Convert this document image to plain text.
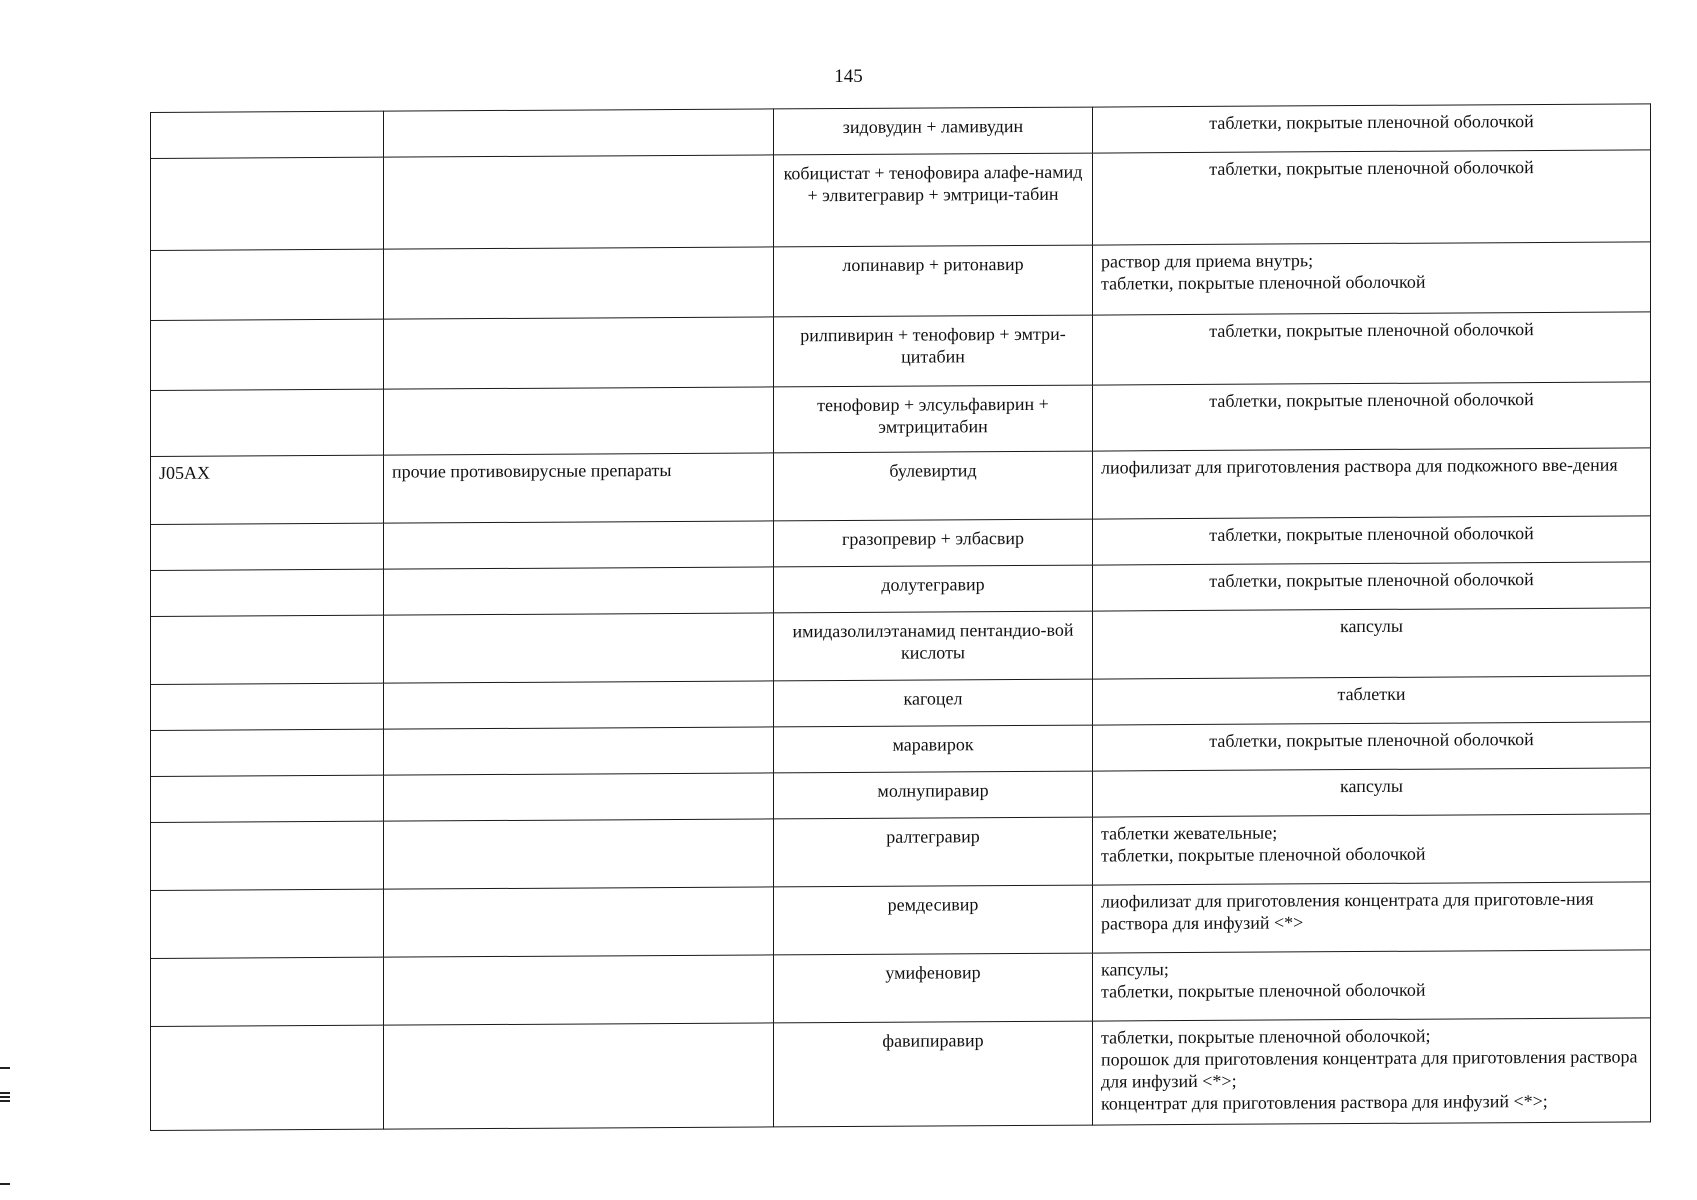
145
		зидовудин + ламивудин	таблетки, покрытые пленочной оболочкой

		кобицистат + тенофовира алафе-намид + элвитегравир + эмтрици-табин	таблетки, покрытые пленочной оболочкой

		лопинавир + ритонавир	раствор для приема внутрь;
таблетки, покрытые пленочной оболочкой

		рилпивирин + тенофовир + эмтри-цитабин	таблетки, покрытые пленочной оболочкой

		тенофовир + элсульфавирин + эмтрицитабин	таблетки, покрытые пленочной оболочкой

J05AX	прочие противовирусные препараты	булевиртид	лиофилизат для приготовления раствора для подкожного вве-дения

		гразопревир + элбасвир	таблетки, покрытые пленочной оболочкой

		долутегравир	таблетки, покрытые пленочной оболочкой

		имидазолилэтанамид пентандио-вой кислоты	капсулы

		кагоцел	таблетки

		маравирок	таблетки, покрытые пленочной оболочкой

		молнупиравир	капсулы

		ралтегравир	таблетки жевательные;
таблетки, покрытые пленочной оболочкой

		ремдесивир	лиофилизат для приготовления концентрата для приготовле-ния раствора для инфузий <*>

		умифеновир	капсулы;
таблетки, покрытые пленочной оболочкой

		фавипиравир	таблетки, покрытые пленочной оболочкой;
порошок для приготовления концентрата для приготовления раствора для инфузий <*>;
концентрат для приготовления раствора для инфузий <*>;
